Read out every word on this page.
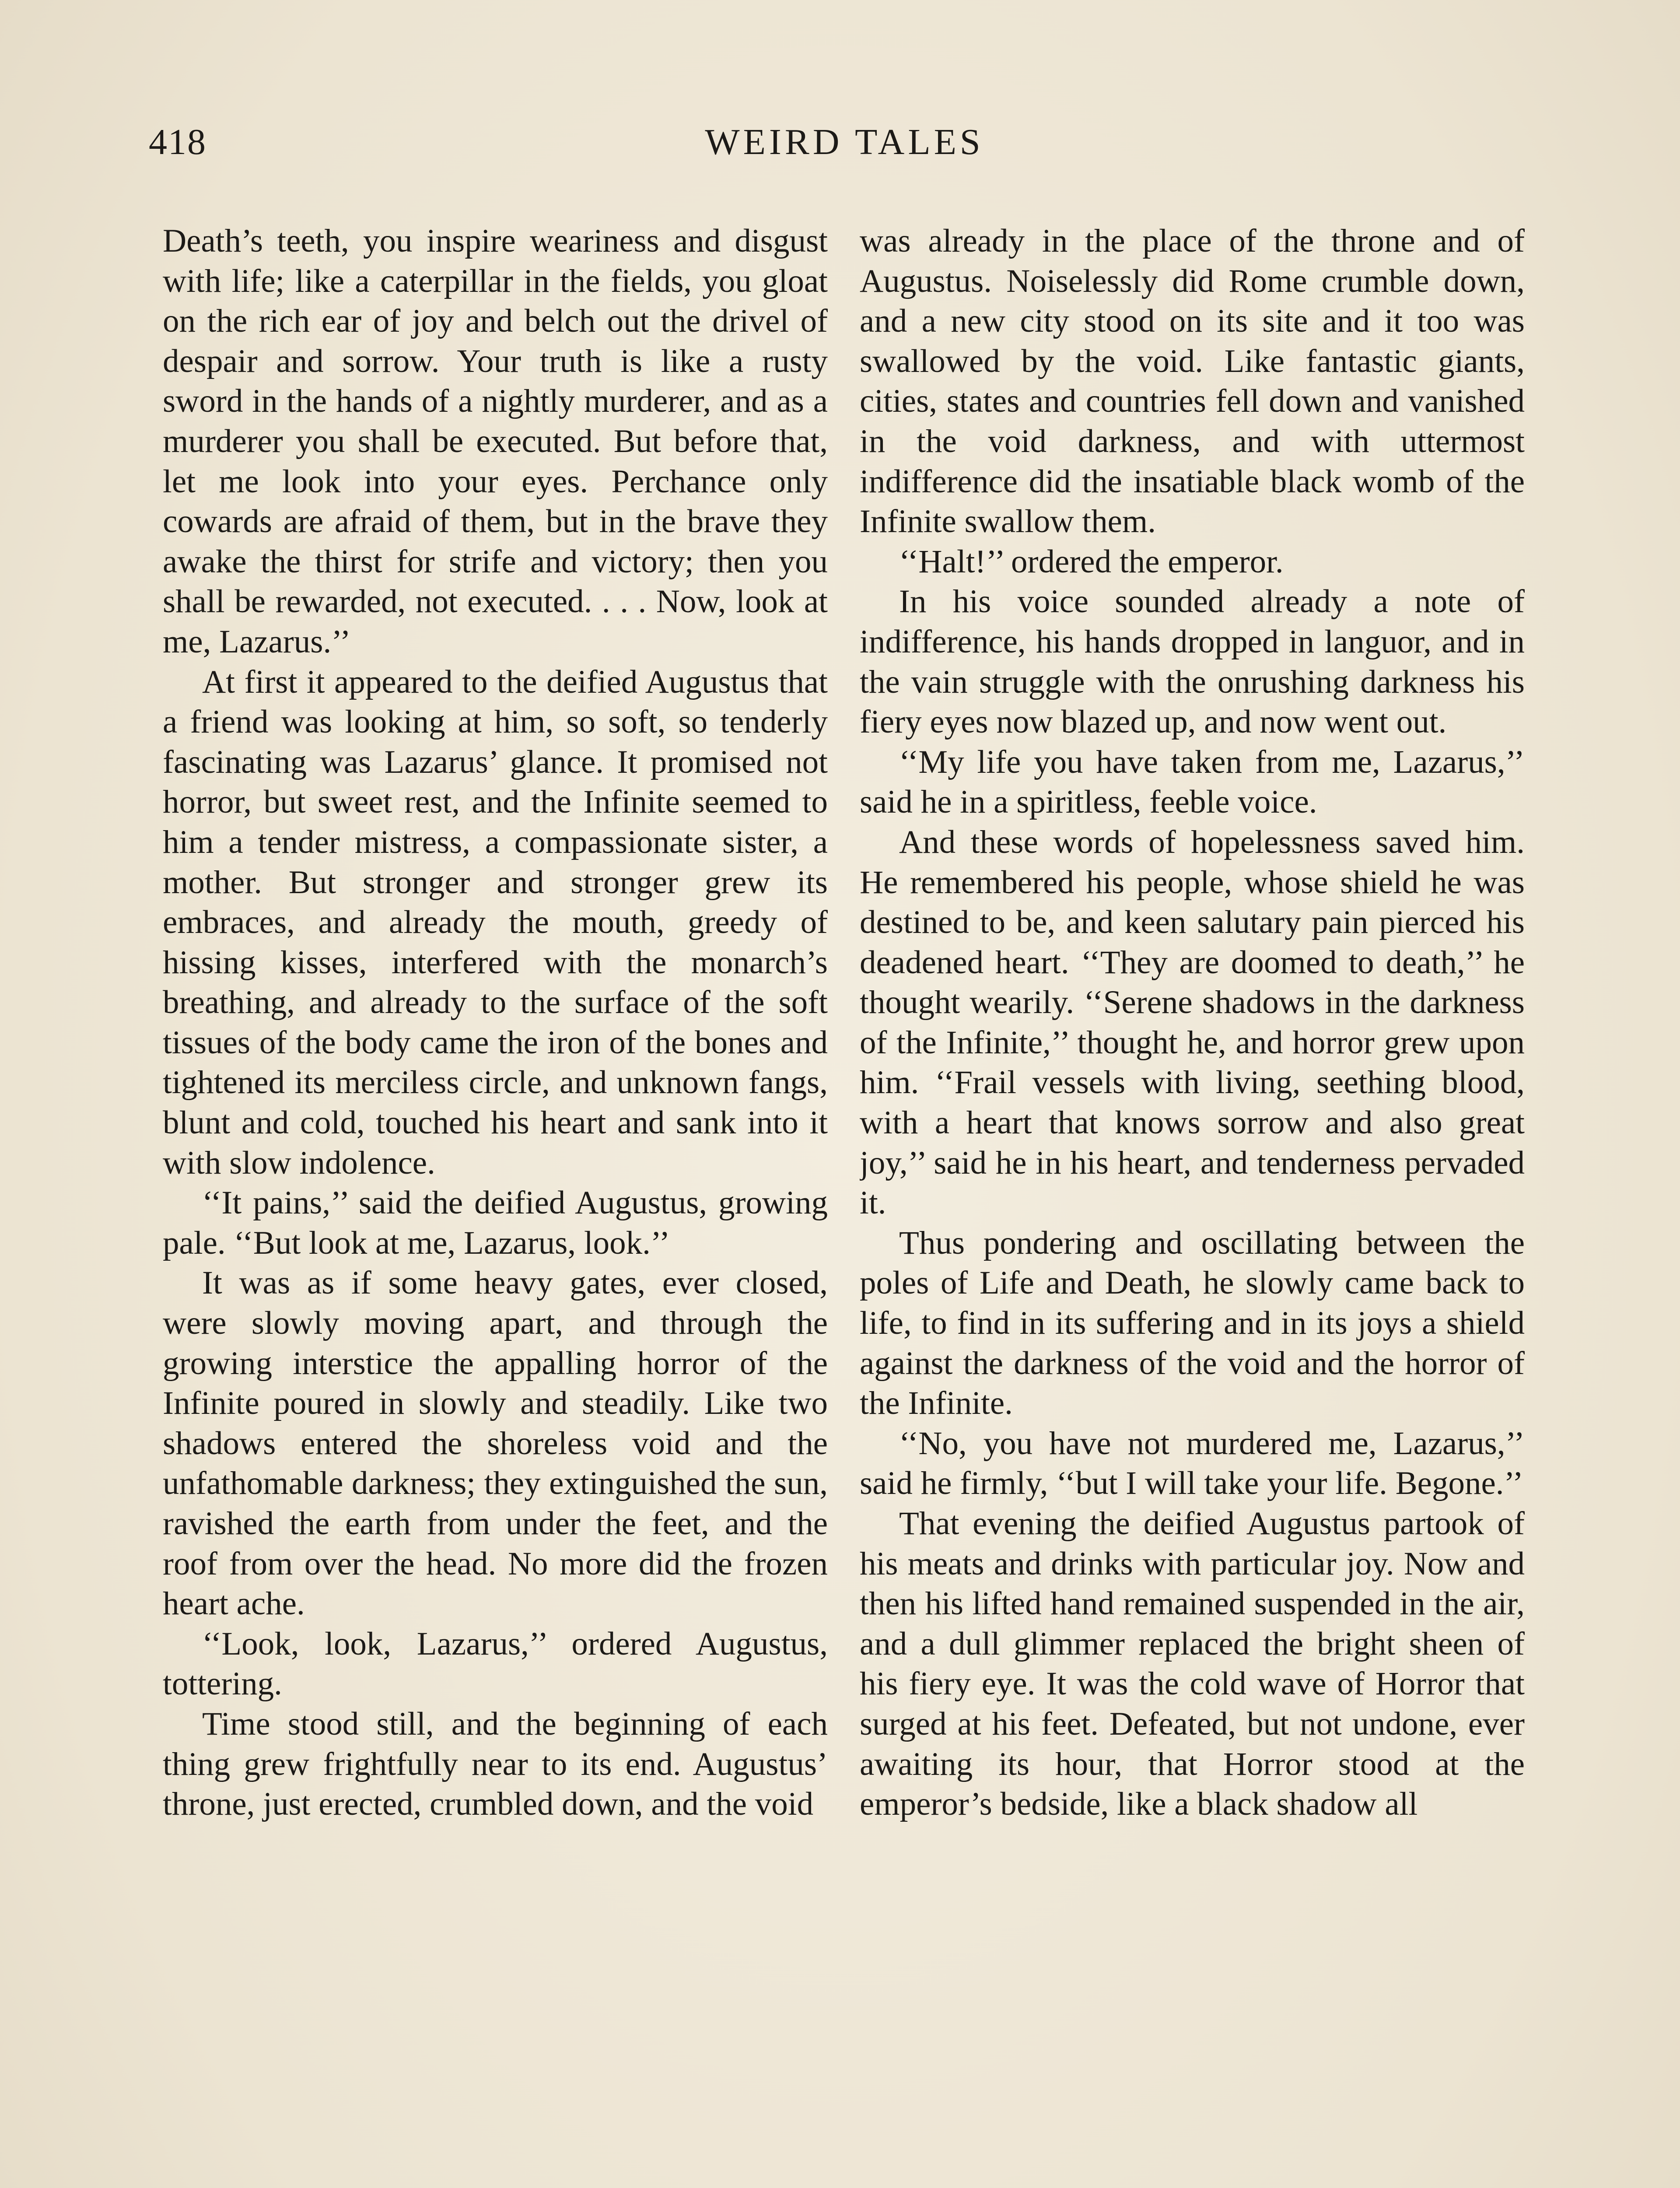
418	WEIRD TALES

Death’s teeth, you inspire weariness and disgust with life; like a caterpillar in the fields, you gloat on the rich ear of joy and belch out the drivel of despair and sorrow. Your truth is like a rusty sword in the hands of a nightly murderer, and as a murderer you shall be executed. But before that, let me look into your eyes. Perchance only cowards are afraid of them, but in the brave they awake the thirst for strife and victory; then you shall be rewarded, not executed. . . . Now, look at me, Lazarus.’’

At first it appeared to the deified Augustus that a friend was looking at him, so soft, so tenderly fascinating was Lazarus’ glance. It promised not horror, but sweet rest, and the Infinite seemed to him a tender mistress, a compassionate sister, a mother. But stronger and stronger grew its embraces, and already the mouth, greedy of hissing kisses, interfered with the monarch’s breathing, and already to the surface of the soft tissues of the body came the iron of the bones and tightened its merciless circle, and unknown fangs, blunt and cold, touched his heart and sank into it with slow indolence.

‘‘It pains,’’ said the deified Augustus, growing pale. ‘‘But look at me, Lazarus, look.’’

It was as if some heavy gates, ever closed, were slowly moving apart, and through the growing interstice the appalling horror of the Infinite poured in slowly and steadily. Like two shadows entered the shoreless void and the unfathomable darkness; they extinguished the sun, ravished the earth from under the feet, and the roof from over the head. No more did the frozen heart ache.

‘‘Look, look, Lazarus,’’ ordered Augustus, tottering.

Time stood still, and the beginning of each thing grew frightfully near to its end. Augustus’ throne, just erected, crumbled down, and the void

was already in the place of the throne and of Augustus. Noiselessly did Rome crumble down, and a new city stood on its site and it too was swallowed by the void. Like fantastic giants, cities, states and countries fell down and vanished in the void darkness, and with uttermost indifference did the insatiable black womb of the Infinite swallow them.

‘‘Halt!’’ ordered the emperor.

In his voice sounded already a note of indifference, his hands dropped in languor, and in the vain struggle with the onrushing darkness his fiery eyes now blazed up, and now went out.

‘‘My life you have taken from me, Lazarus,’’ said he in a spiritless, feeble voice.

And these words of hopelessness saved him. He remembered his people, whose shield he was destined to be, and keen salutary pain pierced his deadened heart. ‘‘They are doomed to death,’’ he thought wearily. ‘‘Serene shadows in the darkness of the Infinite,’’ thought he, and horror grew upon him. ‘‘Frail vessels with living, seething blood, with a heart that knows sorrow and also great joy,’’ said he in his heart, and tenderness pervaded it.

Thus pondering and oscillating between the poles of Life and Death, he slowly came back to life, to find in its suffering and in its joys a shield against the darkness of the void and the horror of the Infinite.

‘‘No, you have not murdered me, Lazarus,’’ said he firmly, ‘‘but I will take your life. Begone.’’

That evening the deified Augustus partook of his meats and drinks with particular joy. Now and then his lifted hand remained suspended in the air, and a dull glimmer replaced the bright sheen of his fiery eye. It was the cold wave of Horror that surged at his feet. Defeated, but not undone, ever awaiting its hour, that Horror stood at the emperor’s bedside, like a black shadow all
